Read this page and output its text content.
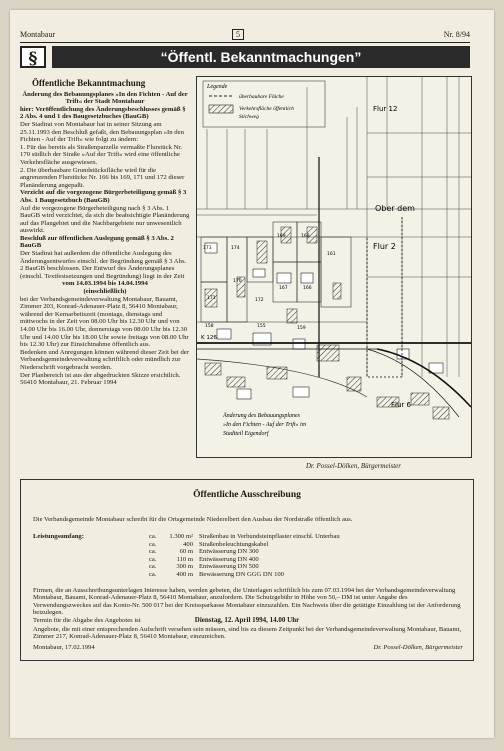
Montabaur	5	Nr. 8/94
§	“Öffentl. Bekanntmachungen”
Öffentliche Bekanntmachung

Änderung des Bebauungsplanes »In den Fichten - Auf der Trift« der Stadt Montabaur

hier: Veröffentlichung des Änderungsbeschlusses gemäß § 2 Abs. 4 und 1 des Baugesetzbuches (BauGB)

Der Stadtrat von Montabaur hat in seiner Sitzung am 25.11.1993 den Beschluß gefaßt, den Bebauungsplan »In den Fichten - Auf der Trift« wie folgt zu ändern:

1. Für das bereits als Straßenparzelle vermaßte Flurstück Nr. 170 südlich der Straße »Auf der Trift« wird eine öffentliche Verkehrsfläche ausgewiesen.

2. Die überbaubare Grundstücksfläche wird für die angrenzenden Flurstücke Nr. 166 bis 169, 171 und 172 dieser Planänderung angepaßt.

Verzicht auf die vorgezogene Bürgerbeteiligung gemäß § 3 Abs. 1 Baugesetzbuch (BauGB)

Auf die vorgezogene Bürgerbeteiligung nach § 3 Abs. 1 BauGB wird verzichtet, da sich die beabsichtigte Planänderung auf das Plangebiet und die Nachbargebiete nur unwesentlich auswirkt.

Beschluß zur öffentlichen Auslegung gemäß § 3 Abs. 2 BauGB

Der Stadtrat hat außerdem die öffentliche Auslegung des Änderungsentwurfes einschl. der Begründung gemäß § 3 Abs. 2 BauGB beschlossen. Der Entwurf des Änderungsplanes (einschl. Textfestsetzungen und Begründung) liegt in der Zeit

vom 14.03.1994 bis 14.04.1994

(einschließlich)

bei der Verbandsgemeindeverwaltung Montabaur, Bauamt, Zimmer 203, Konrad-Adenauer-Platz 8, 56410 Montabaur, während der Kernarbeitszeit (montags, dienstags und mittwochs in der Zeit von 08.00 Uhr bis 12.30 Uhr und von 14.00 Uhr bis 16.00 Uhr, donnerstags von 08.00 Uhr bis 12.30 Uhr und 14.00 Uhr bis 18.00 Uhr sowie freitags von 08.00 Uhr bis 12.30 Uhr) zur Einsichtnahme öffentlich aus.

Bedenken und Anregungen können während dieser Zeit bei der Verbandsgemeindeverwaltung schriftlich oder mündlich zur Niederschrift vorgebracht werden.

Der Planbereich ist aus der abgedruckten Skizze ersichtlich.

56410 Montabaur, 21. Februar 1994

Legende
überbaubare Fläche
Verkehrsfläche öffentlich
Stichweg
Flur 12
Flur 2
Flur 6
Ober dem
K 126
173	174
170
169	168
167	166
171	172
161
155	159
158
Änderung des Bebauungsplanes
»In den Fichten - Auf der Trift« im
Stadtteil Eigendorf
Dr. Possel-Dölken, Bürgermeister
Öffentliche Ausschreibung
Die Verbandsgemeinde Montabaur schreibt für die Ortsgemeinde Niederelbert den Ausbau der Nordstraße öffentlich aus.
Leistungsumfang:	ca.	1.300 m² Straßenbau in Verbundsteinpflaster einschl. Unterbau
ca.	400 Straßenbeleuchtungskabel
ca.	60 m Entwässerung DN 300
ca.	110 m Entwässerung DN 400
ca.	300 m Entwässerung DN 500
ca.	400 m Bewässerung DN GGG DN 100
Firmen, die an Ausschreibungsunterlagen Interesse haben, werden gebeten, die Unterlagen schriftlich bis zum 07.03.1994 bei der Verbandsgemeindeverwaltung Montabaur, Bauamt, Konrad-Adenauer-Platz 8, 56410 Montabaur, anzufordern. Die Schutzgebühr in Höhe von 50,– DM ist unter Angabe des Verwendungszweckes auf das Konto-Nr. 500 017 bei der Kreissparkasse Montabaur einzuzahlen. Ein Nachweis über die getätigte Einzahlung ist der Anforderung beizulegen.
Termin für die Abgabe des Angebotes ist	Dienstag, 12. April 1994, 14.00 Uhr
Angebote, die mit einer entsprechenden Aufschrift versehen sein müssen, sind bis zu diesem Zeitpunkt bei der Verbandsgemeindeverwaltung Montabaur, Bauamt, Zimmer 217, Konrad-Adenauer-Platz 8, 56410 Montabaur, einzureichen.
Montabaur, 17.02.1994	Dr. Possel-Dölken, Bürgermeister
